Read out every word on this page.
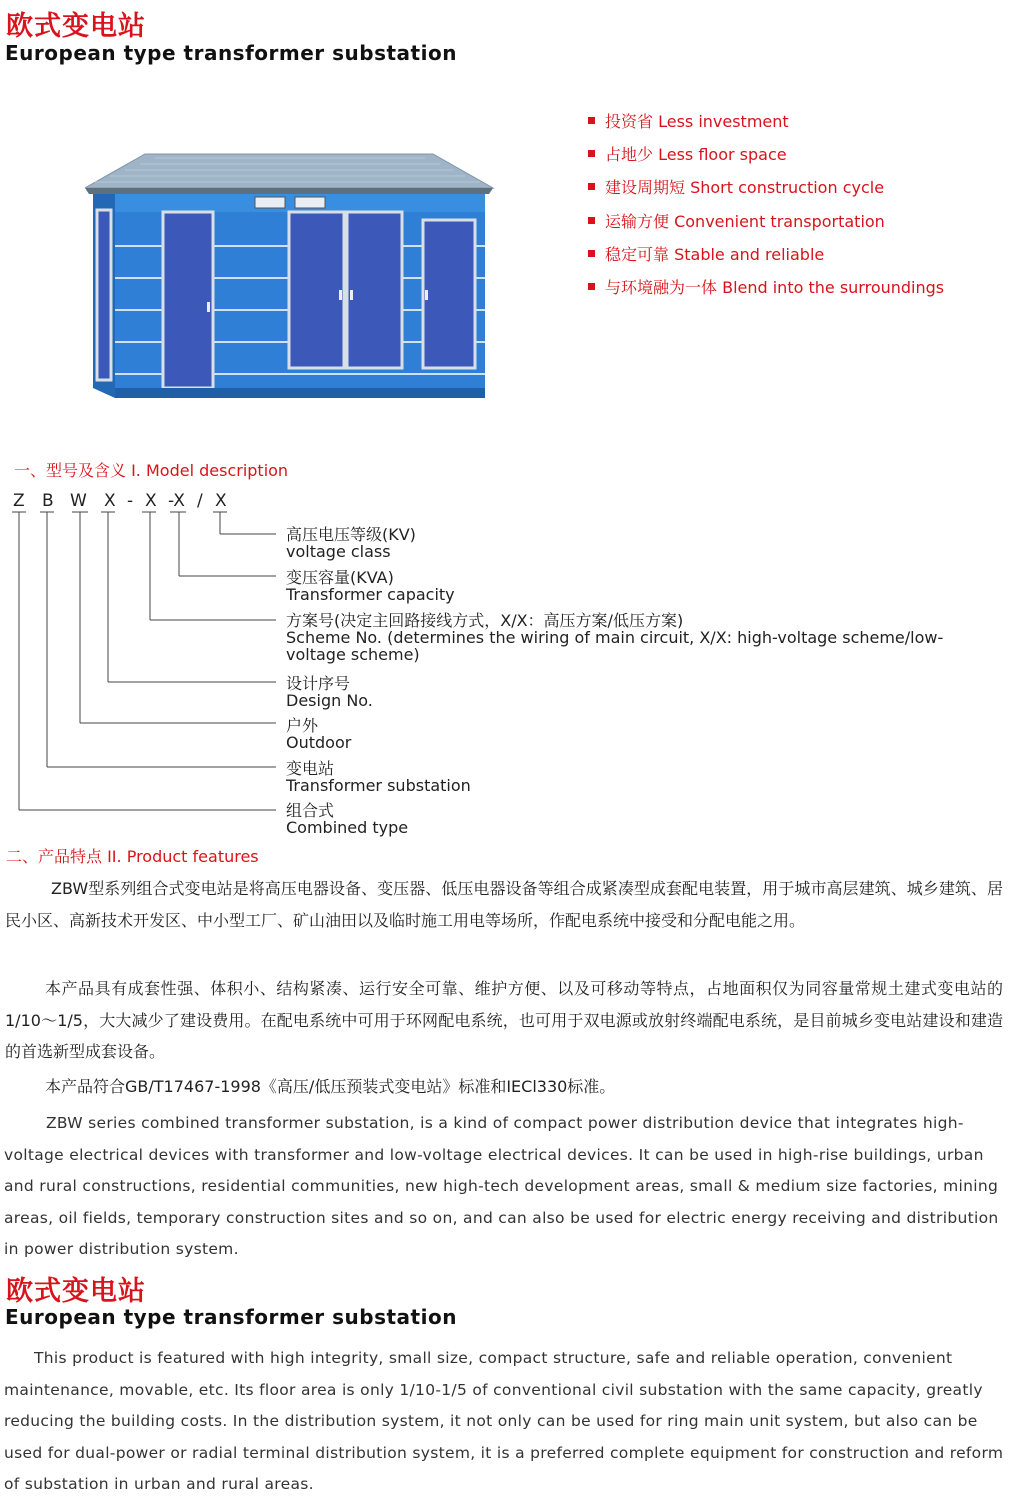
欧式变电站
European type transformer substation
投资省 Less investment
占地少 Less floor space
建设周期短 Short construction cycle
运输方便 Convenient transportation
稳定可靠 Stable and reliable
与环境融为一体 Blend into the surroundings
一、型号及含义 I. Model description
Z B W X - X -X / X
高压电压等级(KV)
voltage class
变压容量(KVA)
Transformer capacity
方案号(决定主回路接线方式，X/X：高压方案/低压方案)
Scheme No. (determines the wiring of main circuit, X/X: high-voltage scheme/low-voltage scheme)
设计序号
Design No.
户外
Outdoor
变电站
Transformer substation
组合式
Combined type
二、产品特点 II. Product features
ZBW型系列组合式变电站是将高压电器设备、变压器、低压电器设备等组合成紧凑型成套配电装置，用于城市高层建筑、城乡建筑、居民小区、高新技术开发区、中小型工厂、矿山油田以及临时施工用电等场所，作配电系统中接受和分配电能之用。
本产品具有成套性强、体积小、结构紧凑、运行安全可靠、维护方便、以及可移动等特点，占地面积仅为同容量常规土建式变电站的1/10～1/5，大大减少了建设费用。在配电系统中可用于环网配电系统，也可用于双电源或放射终端配电系统，是目前城乡变电站建设和建造的首选新型成套设备。
本产品符合GB/T17467-1998《高压/低压预装式变电站》标准和IECl330标准。
ZBW series combined transformer substation, is a kind of compact power distribution device that integrates high-voltage electrical devices with transformer and low-voltage electrical devices. It can be used in high-rise buildings, urban and rural constructions, residential communities, new high-tech development areas, small & medium size factories, mining areas, oil fields, temporary construction sites and so on, and can also be used for electric energy receiving and distribution in power distribution system.
欧式变电站
European type transformer substation
This product is featured with high integrity, small size, compact structure, safe and reliable operation, convenient maintenance, movable, etc. Its floor area is only 1/10-1/5 of conventional civil substation with the same capacity, greatly reducing the building costs. In the distribution system, it not only can be used for ring main unit system, but also can be used for dual-power or radial terminal distribution system, it is a preferred complete equipment for construction and reform of substation in urban and rural areas.
